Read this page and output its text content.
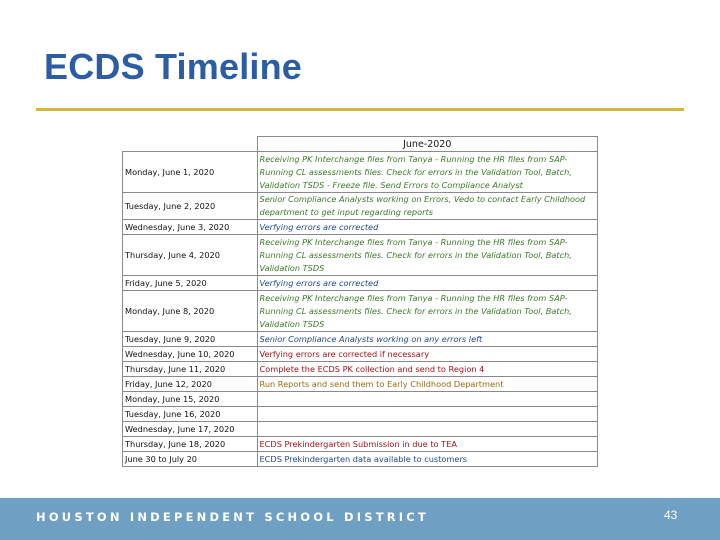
ECDS Timeline
	June-2020
Monday, June 1, 2020	Receiving PK Interchange files from Tanya - Running the HR files from SAP- Running CL assessments files. Check for errors in the Validation Tool, Batch, Validation TSDS - Freeze file. Send Errors to Compliance Analyst
Tuesday, June 2, 2020	Senior Compliance Analysts working on Errors, Vedo to contact Early Childhood department to get input regarding reports
Wednesday, June 3, 2020	Verfying errors are corrected
Thursday, June 4, 2020	Receiving PK Interchange files from Tanya - Running the HR files from SAP- Running CL assessments files. Check for errors in the Validation Tool, Batch, Validation TSDS
Friday, June 5, 2020	Verfying errors are corrected
Monday, June 8, 2020	Receiving PK Interchange files from Tanya - Running the HR files from SAP- Running CL assessments files. Check for errors in the Validation Tool, Batch, Validation TSDS
Tuesday, June 9, 2020	Senior Compliance Analysts working on any errors left
Wednesday, June 10, 2020	Verfying errors are corrected if necessary
Thursday, June 11, 2020	Complete the ECDS PK collection and send to Region 4
Friday, June 12, 2020	Run Reports and send them to Early Childhood Department
Monday, June 15, 2020	
Tuesday, June 16, 2020	
Wednesday, June 17, 2020	
Thursday, June 18, 2020	ECDS Prekindergarten Submission in due to TEA
June 30 to July 20	ECDS Prekindergarten data available to customers
HOUSTON INDEPENDENT SCHOOL DISTRICT	43
